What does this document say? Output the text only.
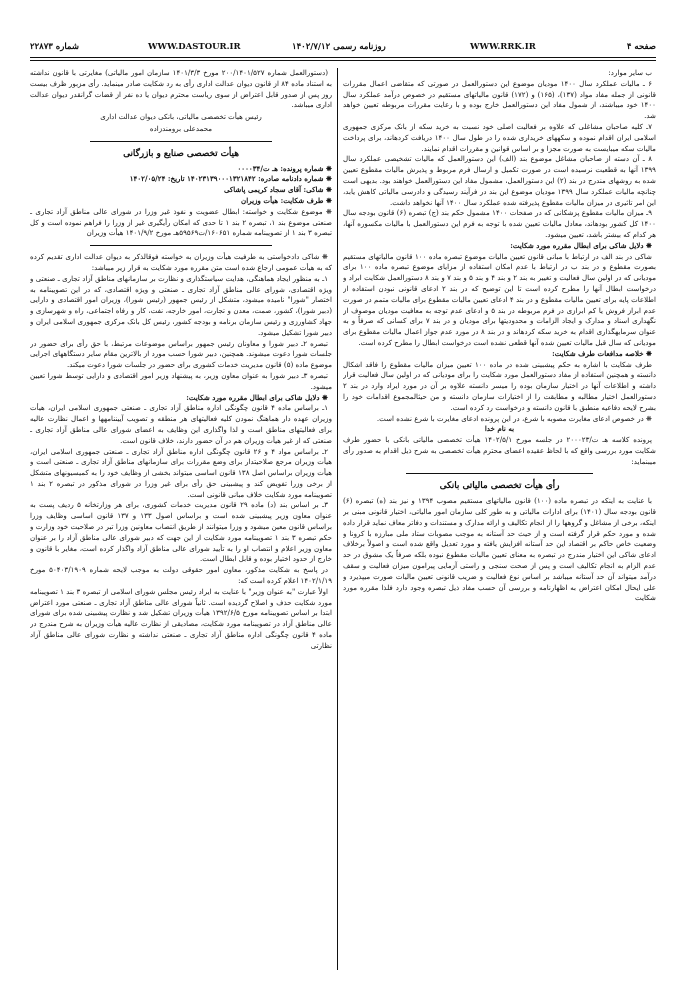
شماره ۲۲۸۷۳	WWW.DASTOUR.IR	روزنامه رسمی ۱۴۰۲/۷/۱۲	WWW.RRK.IR	صفحه ۴

ب سایر موارد:

۶ ـ ماليات عملکرد سال ۱۴۰۰ موديان موضوع اين دستورالعمل در صورتی که متقاضی اعمال مقررات قانونی از جمله مفاد مواد (۱۳۷)، (۱۶۵) و (۱۷۲) قانون مالياتهای مستقيم در خصوص درآمد عملکرد سال ۱۴۰۰ خود میباشند، از شمول مفاد اين دستورالعمل خارج بوده و با رعايت مقررات مربوطه تعيين خواهد شد.

۷ـ کليه صاحبان مشاغلی که علاوه بر فعاليت اصلی خود نسبت به خريد سکه از بانک مرکزی جمهوری اسلامی ايران اقدام نموده و سکههای خريداری شده را در طول سال ۱۴۰۰ دريافت کردهاند، برای پرداخت ماليات سکه میبايست به صورت مجزا و بر اساس قوانين و مقررات اقدام نمايند.

۸ ـ آن دسته از صاحبان مشاغل موضوع بند (الف) اين دستورالعمل که ماليات تشخيصی عملکرد سال ۱۳۹۹ آنها به قطعيت نرسيده است در صورت تکميل و ارسال فرم مربوط و پذيرش ماليات مقطوع تعيين شده به روشهای مندرج در بند (۲) اين دستورالعمل، مشمول مفاد اين دستورالعمل خواهند بود. بديهی است چنانچه ماليات عملکرد سال ۱۳۹۹ موديان موضوع اين بند در فرآيند رسيدگی و دادرسی مالياتی کاهش يابد، اين امر تاثيری در ميزان ماليات مقطوع پذيرفته شده عملکرد سال ۱۴۰۰ آنها نخواهد داشت.

۹ـ ميزان ماليات مقطوع پزشکانی که در صفحات ۱۴۰۰ مشمول حکم بند (ج) تبصره (۶) قانون بودجه سال ۱۴۰۰ کل کشور بودهاند، معادل ماليات تعيين شده با توجه به فرم اين دستورالعمل با ماليات مکسوره آنها، هر کدام که بيشتر باشد، تعيين میشود.

❋ دلايل شاکی برای ابطال مقرره مورد شکايت:

شاکی در بند الف در ارتباط با مبانی قانون تعيين ماليات موضوع تبصره ماده ۱۰۰ قانون مالياتهای مستقيم بصورت مقطوع و در بند ب در ارتباط با عدم امکان استفاده از مزايای موضوع تبصره ماده ۱۰۰ برای موديانی که در اولين سال فعاليت و تغيير به بند ۲ و بند ۴ و بند ۵ و بند ۷ و بند ۸ دستورالعمل شکايت ابراد و درخواست ابطال آنها را مطرح کرده است تا اين توضيح که در بند ۲ ادعای قانونی نبودن استفاده از اطلاعات پايه برای تعيين ماليات مقطوع و در بند ۴ ادعای تعيين ماليات مقطوع برای ماليات متمم در صورت عدم ابراز فروش يا کم ابرازی در فرم مربوطه در بند ۵ و ادعای عدم توجه به معافيت موديان موصوف از نگهداری اسناد و مدارک و ايجاد الزامات و محدوديتها برای موديان و در بند ۷ برای کسانی که صرفاً و به عنوان سرمايهگذاری اقدام به خريد سکه کردهاند و در بند ۸ در مورد عدم جواز اعمال ماليات مقطوع برای موديانی که سال قبل ماليات تعيين شده آنها قطعی نشده است درخواست ابطال را مطرح کرده است.

❋ خلاصه مدافعات طرف شکايت:

طرف شکايت با اشاره به حکم پيشبينی شده در ماده ۱۰۰ تعيين ميزان ماليات مقطوع را فاقد اشکال دانسته و همچنين استفاده از مفاد دستورالعمل مورد شکايت را برای موديانی که در اولين سال فعاليت قرار داشته و اطلاعات آنها در اختيار سازمان بوده را ميسر دانسته علاوه بر آن در مورد ايراد وارد در بند ۲ دستورالعمل اختيار مطالبه و مطابقت را از اختيارات سازمان دانسته و من حيثالمجموع اقدامات خود را بشرح لايحه دفاعيه منطبق با قانون دانسته و درخواست رد کرده است.

❋ در خصوص ادعای مغايرت مصوبه با شرع، در اين پرونده ادعای مغايرت با شرع نشده است.

به نام خدا

پرونده کلاسه هـ ت/۲۰۰۰۲۳ در جلسه مورخ ۱۴۰۲/۵/۱ هيأت تخصصی مالياتی بانکی با حضور طرف شکايت مورد بررسی واقع که با لحاظ عقيده اعضای محترم هيأت تخصصی به شرح ذيل اقدام به صدور رأی میبنمايد:

رأی هيأت تخصصی مالياتی بانکی

با عنايت به اينکه در تبصره ماده (۱۰۰) قانون مالياتهای مستقيم مصوب ۱۳۹۴ و نيز بند (ه) تبصره (۶) قانون بودجه سال (۱۴۰۱) برای ادارات مالياتی و به طور کلی سازمان امور مالياتی، اختيار قانونی مبنی بر اينکه، برخی از مشاغل و گروهها را از انجام تکاليف و ارائه مدارک و مستندات و دفاتر معاف نمايد قرار داده شده و مورد حکم قرار گرفته است و از حيث حد آستانه به موجب مصوبات ستاد ملی مبارزه با کرونا و وضعيت خاص حاکم بر اقتصاد اين حد آستانه افزايش يافته و مورد تعديل واقع شده است و اصولاً برخلاف ادعای شاکی اين اختيار مندرج در تبصره به معنای تعيين ماليات مقطوع نبوده بلکه صرفاً يک مشوق در حد عدم الزام به انجام تکاليف است و پس از صحت سنجی و راستی آزمايی پيرامون ميزان فعاليت و سقف درآمد ميتواند آن حد آستانه میباشد بر اساس نوع فعاليت و ضريب قانونی تعيين ماليات صورت میپذيرد و علی ايحال امکان اعتراض به اظهارنامه و بررسی آن حسب مفاد ذيل تبصره وجود دارد فلذا مقرره مورد شکايت

(دستورالعمل شماره ۲۰۰/۱۴۰۱/۵۲۷ مورخ ۱۴۰۱/۳/۳ سازمان امور مالياتی) مغايرتی با قانون نداشته به استناد ماده ۸۴ از قانون ديوان عدالت اداری رأی به رد شکايت صادر مینمايد. رأی مزبور ظرف بيست روز پس از صدور قابل اعتراض از سوی رياست محترم ديوان يا ده نفر از قضات گرانقدر ديوان عدالت اداری میباشد.

رئيس هيأت تخصصی مالياتی، بانکی ديوان عدالت اداری

محمدعلی برومندزاده

هيأت تخصصی صنايع و بازرگانی

❋ شماره پرونده: هـ ت/۰۰۰۰۳۴

❋ شماره دادنامه صادره: ۱۴۰۲۳۱۳۹۰۰۰۱۳۲۱۸۴۲ تاريخ: ۱۴۰۲/۰۵/۲۴

❋ شاکی: آقای سجاد کريمی پاشاکی

❋ طرف شکايت: هيأت وزيران

❋ موضوع شکايت و خواسته: ابطال عضويت و نفوذ غير وزرا در شورای عالی مناطق آزاد تجاری ـ صنعتی موضوع بند ۱، تبصره ۲ بند ۱ تا حدی که امکان رأیگيری غير از وزرا را فراهم نموده است و کل تبصره ۳ بند ۱ از تصويبنامه شماره ۱۶۰۶۵۱/ت۵۹۵۶۹هـ مورخ ۱۴۰۱/۹/۲ هيأت وزيران

❋ شاکی دادخواستی به طرفيت هيأت وزيران به خواسته فوقالذکر به ديوان عدالت اداری تقديم کرده که به هيأت عمومی ارجاع شده است متن مقرره مورد شکايت به قرار زير میباشد:

۱ـ به منظور ايجاد هماهنگی، هدايت سياستگذاری و نظارت بر سازمانهای مناطق آزاد تجاری ـ صنعتی و ويژه اقتصادی، شورای عالی مناطق آزاد تجاری ـ صنعتی و ويژه اقتصادی، که در اين تصويبنامه به اختصار "شورا" ناميده میشود، متشکل از رئيس جمهور (رئيس شورا)، وزيران امور اقتصادی و دارايی (دبير شورا)، کشور، صمت، معدن و تجارت، امور خارجه، نفت، کار و رفاه اجتماعی، راه و شهرسازی و جهاد کشاورزی و رئيس سازمان برنامه و بودجه کشور، رئيس کل بانک مرکزی جمهوری اسلامی ايران و دبير شورا تشکيل میشود.

تبصره ۲ـ دبير شورا و معاونان رئيس جمهور براساس موضوعات مرتبط، با حق رأی برای حضور در جلسات شورا دعوت میشوند. همچنين، دبير شورا حسب مورد از بالاترين مقام ساير دستگاههای اجرايی موضوع ماده (۵) قانون مديريت خدمات کشوری برای حضور در جلسات شورا دعوت میکند.

تبصره ۳ـ دبير شورا به عنوان معاون وزير، به پيشنهاد وزير امور اقتصادی و دارايی توسط شورا تعيين میشود.

❋ دلايل شاکی برای ابطال مقرره مورد شکايت:

۱ـ براساس ماده ۴ قانون چگونگی اداره مناطق آزاد تجاری ـ صنعتی جمهوری اسلامی ايران، هيأت وزيران عهده دار هماهنگ نمودن کليه فعاليتهای هر منطقه و تصويب آييننامهها و اعمال نظارت عاليه برای فعاليتهای مناطق است و لذا واگذاری اين وظايف به اعضای شورای عالی مناطق آزاد تجاری ـ صنعتی که از غير هيأت وزيران هم در آن حضور دارند، خلاف قانون است.

۲ـ براساس مواد ۴ و ۲۶ قانون چگونگی اداره مناطق آزاد تجاری ـ صنعتی جمهوری اسلامی ايران، هيأت وزيران مرجع صلاحيتدار برای وضع مقررات برای سازمانهای مناطق آزاد تجاری ـ صنعتی است و هيأت وزيران براساس اصل ۱۳۸ قانون اساسی میتواند بخشی از وظايف خود را به کميسيونهای متشکل از برخی وزرا تفويض کند و پيشبينی حق رأی برای غير وزرا در شورای مذکور در تبصره ۲ بند ۱ تصويبنامه مورد شکايت خلاف مبانی قانونی است.

۳ـ بر اساس بند (د) ماده ۲۹ قانون مديريت خدمات کشوری، برای هر وزارتخانه ۵ رديف پست به عنوان معاون وزير پيشبينی شده است و براساس اصول ۱۳۳ و ۱۳۷ قانون اساسی وظايف وزرا براساس قانون معين میشود و وزرا میتوانند از طريق انتصاب معاونين وزرا تبر در صلاحيت خود وزارت و حکم تبصره ۳ بند ۱ تصويبنامه مورد شکايت از اين جهت که دبير شورای عالی مناطق آزاد را بر عنوان معاون وزير اعلام و انتصاب او را به تأييد شورای عالی مناطق آزاد واگذار کرده است، مغاير با قانون و خارج از حدود اختيار بوده و قابل ابطال است.

در پاسخ به شکايت مذکور، معاون امور حقوقی دولت به موجب لايحه شماره ۵۰۴۰۳/۱۹۰۹ مورخ ۱۴۰۲/۱/۱۹ اعلام کرده است که:

اولاً عبارت "به عنوان وزير" با عنايت به ايراد رئيس مجلس شورای اسلامی از تبصره ۳ بند ۱ تصويبنامه مورد شکايت حذف و اصلاح گرديده است. ثانياً شورای عالی مناطق آزاد تجاری ـ صنعتی مورد اعتراض ابتدا بر اساس تصويبنامه مورخ ۱۳۹۲/۶/۵ هيأت وزيران تشکيل شد و نظارت پيشبينی شده برای شورای عالی مناطق آزاد در تصويبنامه مورد شکايت، مصاديقی از نظارت عاليه هيأت وزيران به شرح مندرج در ماده ۴ قانون چگونگی اداره مناطق آزاد تجاری ـ صنعتی نداشته و نظارت شورای عالی مناطق آزاد نظارتی
